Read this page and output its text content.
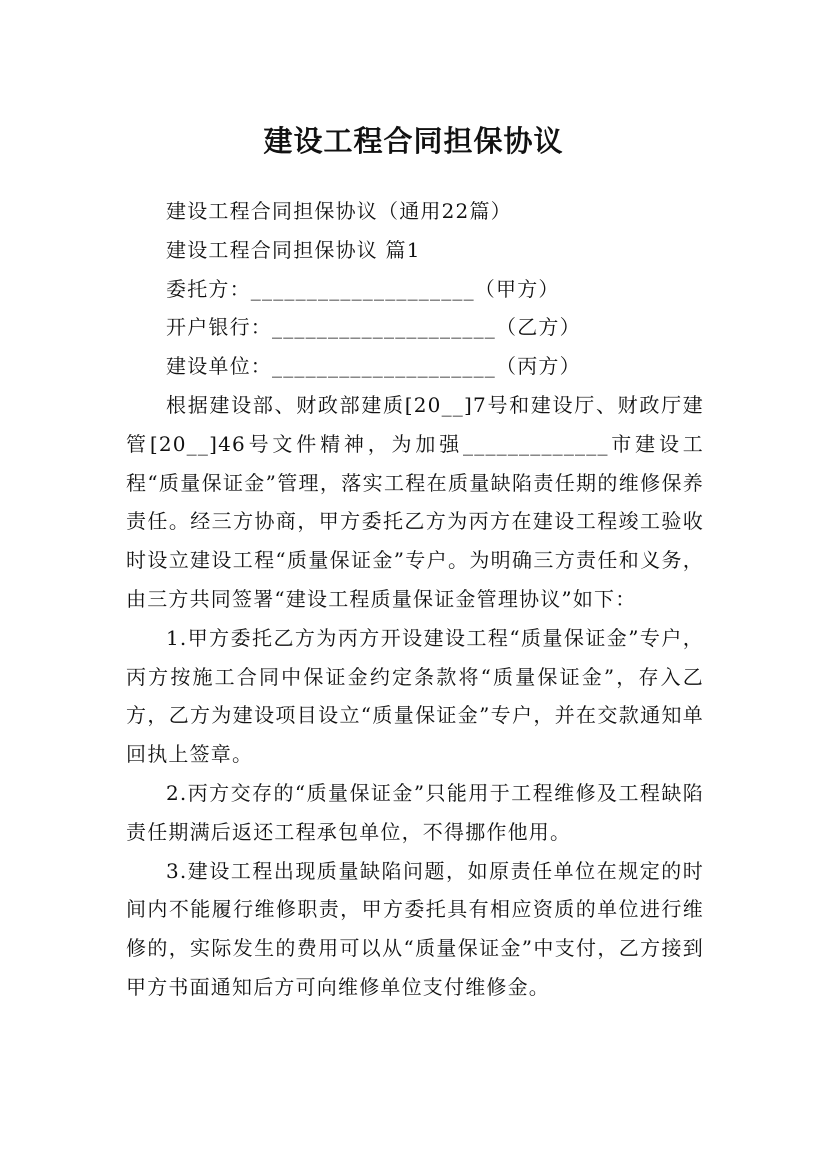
建设工程合同担保协议

建设工程合同担保协议（通用22篇）

建设工程合同担保协议 篇1

委托方：____________________（甲方）

开户银行：____________________（乙方）

建设单位：____________________（丙方）

根据建设部、财政部建质[20__]7号和建设厅、财政厅建管[20__]46号文件精神，为加强_____________市建设工程“质量保证金”管理，落实工程在质量缺陷责任期的维修保养责任。经三方协商，甲方委托乙方为丙方在建设工程竣工验收时设立建设工程“质量保证金”专户。为明确三方责任和义务，由三方共同签署“建设工程质量保证金管理协议”如下：

1.甲方委托乙方为丙方开设建设工程“质量保证金”专户，丙方按施工合同中保证金约定条款将“质量保证金”，存入乙方，乙方为建设项目设立“质量保证金”专户，并在交款通知单回执上签章。

2.丙方交存的“质量保证金”只能用于工程维修及工程缺陷责任期满后返还工程承包单位，不得挪作他用。

3.建设工程出现质量缺陷问题，如原责任单位在规定的时间内不能履行维修职责，甲方委托具有相应资质的单位进行维修的，实际发生的费用可以从“质量保证金”中支付，乙方接到甲方书面通知后方可向维修单位支付维修金。
